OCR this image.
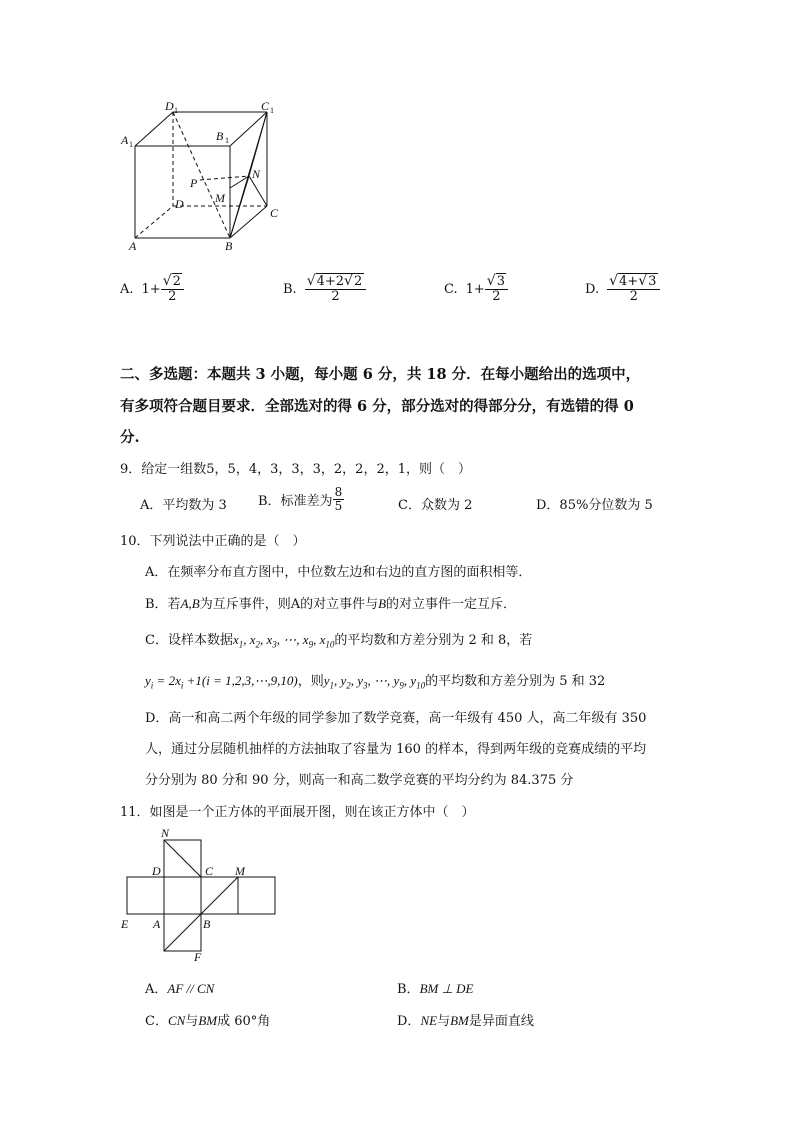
D 1	C 1
A 1
B 1
P
N
M
D
C
A	B
A. $1+ \frac{√2}{2}$	B. $\frac{√4+2√2}{2}$	C. $1+ \frac{√3}{2}$	D. $\frac{√4+√3}{2}$
二、多选题：本题共 3 小题，每小题 6 分，共 18 分．在每小题给出的选项中，
有多项符合题目要求．全部选对的得 6 分，部分选对的得部分分，有选错的得 0
分.
9．给定一组数5，5，4，3，3，3，2，2，2，1，则（　）
A．平均数为 3 B．标准差为 $\frac{8}{5}$	C．众数为 2	D．85%分位数为 5
10．下列说法中正确的是（　）
A．在频率分布直方图中，中位数左边和右边的直方图的面积相等．
B．若A,B为互斥事件，则A的对立事件与B的对立事件一定互斥．
C．设样本数据$x_1$, $x_2$, $x_3$, ⋯, $x_9$, $x_{10}$的平均数和方差分别为 2 和 8，若
$y_i = 2x_i +1(i$ = 1,2,3,⋯,9,10)，则$y_1$, $y_2$, $y_3$, ⋯, $y_9$, $y_{10}$的平均数和方差分别为 5 和 32
D．高一和高二两个年级的同学参加了数学竞赛，高一年级有 450 人，高二年级有 350
人，通过分层随机抽样的方法抽取了容量为 160 的样本，得到两年级的竞赛成绩的平均
分分别为 80 分和 90 分，则高一和高二数学竞赛的平均分约为 84.375 分
11．如图是一个正方体的平面展开图，则在该正方体中（　）
N
D	C M
E A	B
F
A．AF // CN	B．BM ⊥ DE
C．CN与BM成 60°角	D．NE与BM是异面直线
